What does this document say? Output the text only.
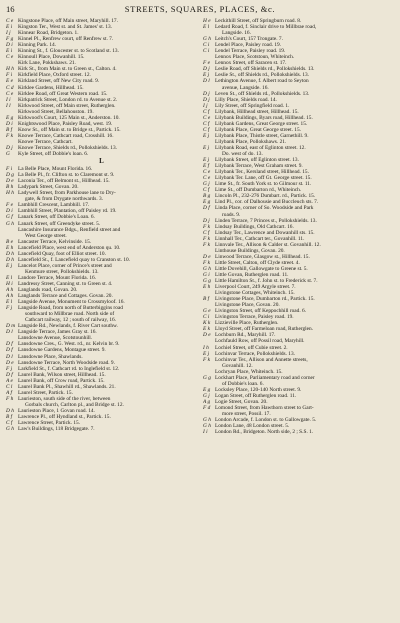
16	STREETS, SQUARES, PLACES, &c.
C e Kingstone Place, off Main street, Maryhill. 17.
E i	Kingston Ter., West st. and St. James' st. 13.
I j	Kinnear Road, Bridgeton. 1.
F g Kinnel Pl., Renfrew court, off Renfrew st. 7.
D i Kinning Park. 14.
E i	Kinning St., f. Gloucester st. to Scotland st. 13.
C e Kinnoull Place, Dowanhill. 15.
Kirk Lane, Pokkshaws. 21.
H h Kirk St., from Main st. to Green st., Calton. 4.
F i	Kirkfield Place, Oxford street. 12.
E e Kirkland Street, off New City road. 9.
C d Kirklee Gardens, Hillhead. 15.
C e Kirklee Road, off Great Western road. 15.
I i	Kirkpatrick Street, London rd. to Avenue st. 2.
I l	Kirkwood Street, off Main street, Rutherglen.
Kirkwood Street, Bellahouston. 19.
E g Kirkwood's Court, 125 Main st., Anderston. 10.
D i Knightswood Place, Paisley Road, west. 19.
B f	Know St., off Main st. to Bridge st., Partick. 15.
F k Knowe Terrace, Cathcart road, Crosshill. 16.
Knowe Terrace, Cathcart.
D j Knowe Terrace, Shields rd., Pollokshields. 13.
G	Kyle Street, off Dobbie's loan. 6.
L
F i	La Belle Place, Mount Florida. 16.
D g La Belle Pl., fr. Clifton st. to Claremont st. 9.
D e Laconia Ter., off Belmont st., Hillhead. 15.
B h Ladypark Street, Govan. 20.
H h Ladywell Street, from Parkhouse lane to Dry-
gate, & from Drygate northwards. 3.
F e Lambhill Crescent, Lambhill. 17.
D i Lambhill Street, Plantation, off Paisley rd. 19.
G f Lanark Street, off Dobbie's Loan. 6.
G h Lanark Street, off Greendyke street. 5.
Lancashire Insurance Bdgs., Renfield street and
West George street.
B e Lancaster Terrace, Kelvinside. 15.
E h Lancefield Place, west end of Anderston qu. 10.
D h Lancefield Quay, foot of Elliot street. 10.
D h Lancefield St., f. Lancefield quay to Cranston st. 10.
E j	Lancelot Place, corner of Prince's street and
Kenmure street, Pollokshields. 13.
E l	Landore Terrace, Mount Florida. 16.
H i Landressy Street, Canning st. to Green st. 4.
A h Langlands road, Govan. 20.
A h Langlands Terrace and Cottages. Govan. 20.
E l	Langside Avenue, Monument to Crossmyloof. 16.
F j	Langside Road, from north of Butterbiggins road
southward to Millbrae road. North side of
Cathcart railway, 12 ; south of railway, 16.
D m Langside Rd., Newlands, f. River Cart southw.
D l Langside Terrace, James Gray st. 16.
Lansdowne Avenue, Scotstounhill.
D f Lansdowne Cres., G. West. rd., nr. Kelvin br. 9.
D f Lansdowne Gardens, Montague street. 9.
D l Lansdowne Place, Shawlands.
D e Lansdowne Terrace, North Woodside road. 9.
F j	Larkfield St., f. Cathcart rd. to Inglefield st. 12.
D f Laurel Bank, Wilson street, Hillhead. 15.
A e Laurel Bank, off Crow road, Partick. 15.
C l	Laurel Bank Pl., Shawhill rd., Shawlands. 21.
A f	Laurel Street, Partick. 15.
F h Laurieston, south side of the river, between
Gorbals church, Carlton pl., and Bridge st. 12.
D h Laurieston Place, 1 Govan road. 14.
B f	Lawrence Pl., off Hyndland st., Partick. 15.
C f	Lawrence Street, Partick. 15.
G h Law's Buildings, 118 Bridgegate. 7.
H e Leckithill Street, off Springburn road. 8.
E l	Ledard Road, f. Sinclair drive to Millbrae road,
Langside. 16.
G h Leitch's Court, 157 Trongate. 7.
C i	Lendel Place, Paisley road. 19.
C i	Lendel Terrace, Paisley road. 19.
Lennox Place, Scotstoun, Whiteinch.
F e Lennox Street, off Saracen st. 17.
D j Leslie Road, off Shields rd., Pollokshields. 13.
E j	Leslie St., off Shields rd., Pollokshields. 13.
D l Lethington Avenue, f. Albert road to Seyton
avenue, Langside. 16.
D j Leven St., off Shields rd., Pollokshields. 13.
D j Lilly Place, Shields road. 14.
I j	Lily Street, off Springfield road. 1.
C f	Lilybank, Hillhead street, Hillhead. 15.
C e Lilybank Buildings, Byars road, Hillhead. 15.
C f	Lilybank Gardens, Great George street. 15.
C f	Lilybank Place, Great George street. 15.
E j	Lilybank Place, Thistle street, Garnethill. 9.
Lilybank Place, Pollokshaws. 21.
E j	Lilybank Road, east of Eglinton street. 12.
Do. west of do. 13.
E j	Lilybank Street, off Eglinton street. 13.
E f	Lilybank Terrace, West Graham street. 9.
C e Lilybank Ter., Kersland street, Hillhead. 15.
C e Lilybank Ter. Lane, off Gt. George street. 15.
G j Lime St., fr. South York st. to Gilmour st. 11.
C f	Lime St., off Dumbarton rd., Whiteinch.
B g Lincoln Pl., 232-276 Dumbart. rd., Partick. 15.
E g Lind Pl., cor. of Dalhousie and Buccleuch sts. 7.
D f Linda Place, corner of So. Woodside and Park
roads. 9.
D j Linden Terrace, 7 Princes st., Pollokshields. 13.
F k Lindsay Buildings, Old Cathcart. 16.
C f	Lindsay Ter., Lawrence and Dowanhill sts. 15.
F k Linnhall Ter., Cathcart ter., Govanhill. 11.
F k Linnvale Ter., Allison & Calder st. Govanhill. 12.
Linthouse Buildings, Govan. 20.
D e Linwood Terrace, Glasgow st., Hillhead. 15.
F k Little Street, Calton, off Clyde street. 4.
G h Little Dovehill, Gallowgate to Greene st. 5.
G i Little Govan, Rutherglen road. 11.
G g Little Hamilton St., f. John st. to Frederick st. 7.
E h Liverpool Court, 249 Argyle street. 7.
Livingstone Cottages, Whiteinch. 15.
B f	Livingstone Place, Dumbarton rd., Partick. 15.
Livingstone Place, Govan. 20.
G e Livingston Street, off Keppochhill road. 6.
C i	Livingston Terrace, Paisley road. 19.
K k Lizzieville Place, Rutherglen.
E k Lloyd Street, off Farmeloan road, Rutherglen.
D e Lochburn Rd., Maryhill. 17.
Lochfauld Row, off Possil road, Maryhill.
I h	Lochiel Street, off Cubie street. 2.
E j	Lochinvar Terrace, Pollokshields. 13.
F k Lochinvar Ter., Allison and Annette streets,
Govanhill. 12.
Lochryan Place, Whiteinch. 15.
G g Lockhart Place, Parliamentary road and corner
of Dobbie's loan. 6.
E g Locksley Place, 120-140 North street. 9.
G j Logan Street, off Rutherglen road. 11.
A g Logie Street, Govan. 20.
F d Lomond Street, from Hawthorn street to Gart-
more street, Possil. 17.
G h London Arcade, f. London st. to Gallowgate. 5.
G h London Lane, 48 London street. 5.
I i	London Rd., Bridgeton. North side, 2 ; S.S. 1.
